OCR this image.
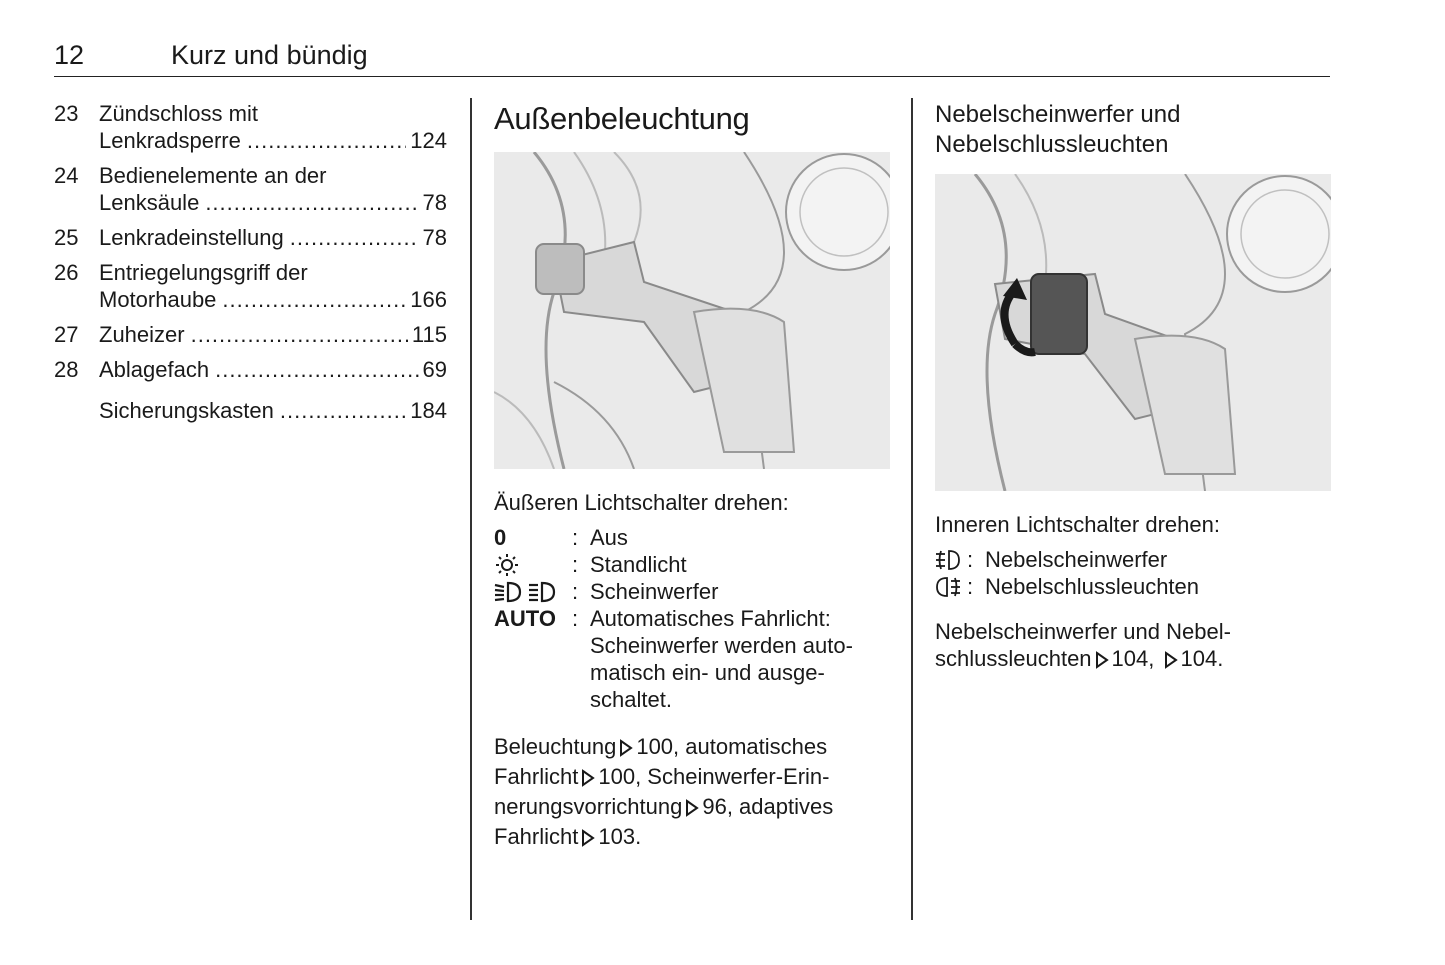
12	Kurz und bündig
23 Zündschloss mit
Lenkradsperre .....	124
24 Bedienelemente an der
Lenksäule .....	78
25 Lenkradeinstellung .....	78
26 Entriegelungsgriff der
Motorhaube .....	166
27 Zuheizer .....	115
28 Ablagefach .....	69
Sicherungskasten .....	184
Außenbeleuchtung

Äußeren Lichtschalter drehen:

0	: Aus
: Standlicht
: Scheinwerfer
AUTO : Automatisches Fahrlicht:
Scheinwerfer werden auto-
matisch ein- und ausge-
schaltet.
Beleuchtung 100, automatisches
Fahrlicht 100, Scheinwerfer-Erin-
nerungsvorrichtung 96, adaptives
Fahrlicht 103.
Nebelscheinwerfer und
Nebelschlussleuchten

Inneren Lichtschalter drehen:

: Nebelscheinwerfer
: Nebelschlussleuchten
Nebelscheinwerfer und Nebel-
schlussleuchten 104, 104.
